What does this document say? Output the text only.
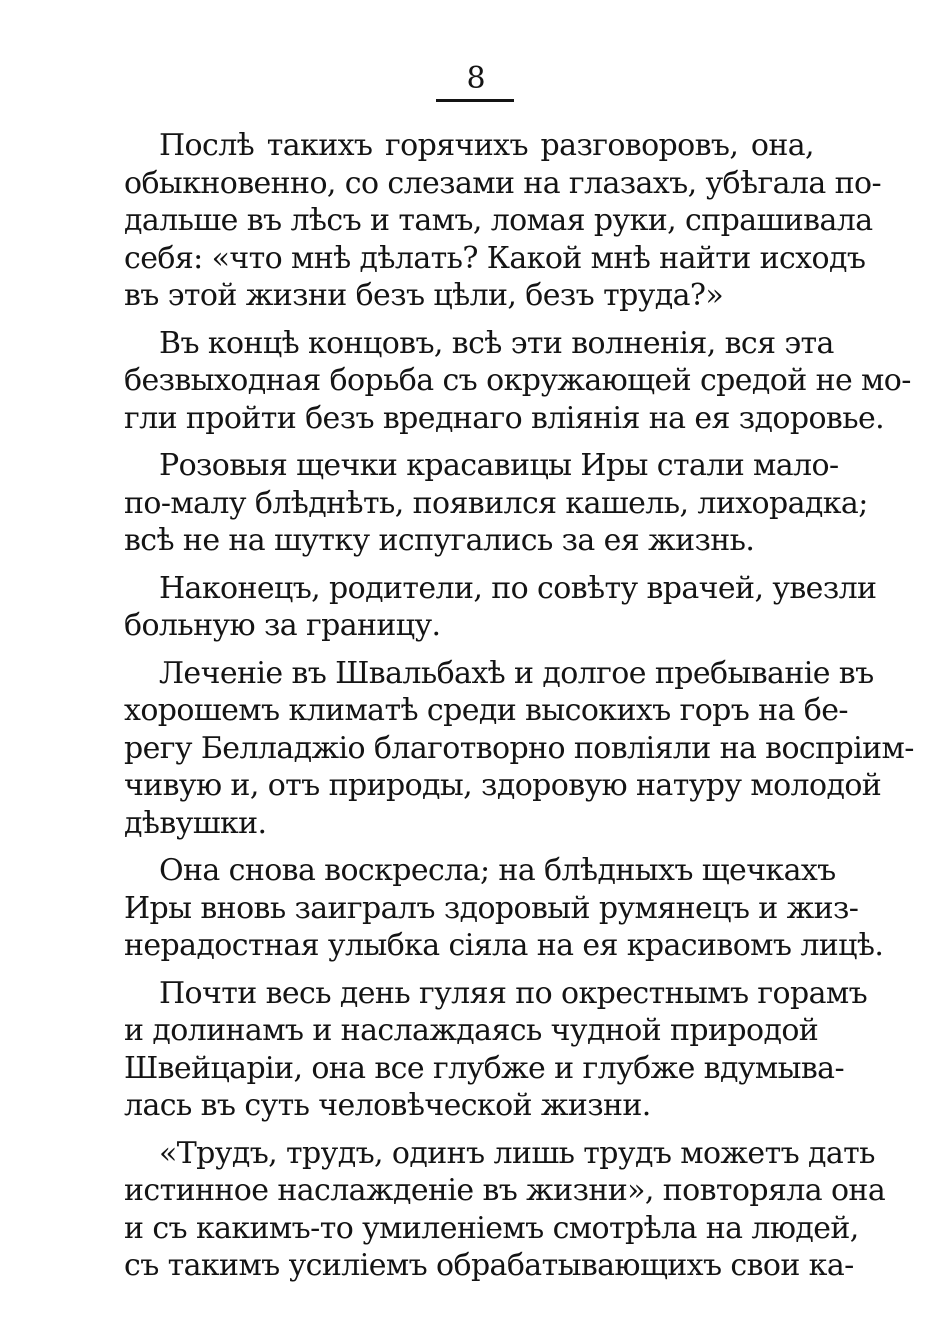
8

Послѣ такихъ горячихъ разговоровъ, она,
обыкновенно, со слезами на глазахъ, убѣгала по-
дальше въ лѣсъ и тамъ, ломая руки, спрашивала
себя: «что мнѣ дѣлать? Какой мнѣ найти исходъ
въ этой жизни безъ цѣли, безъ труда?»

Въ концѣ концовъ, всѣ эти волненія, вся эта
безвыходная борьба съ окружающей средой не мо-
гли пройти безъ вреднаго вліянія на ея здоровье.

Розовыя щечки красавицы Иры стали мало-
по-малу блѣднѣть, появился кашель, лихорадка;
всѣ не на шутку испугались за ея жизнь.

Наконецъ, родители, по совѣту врачей, увезли
больную за границу.

Леченіе въ Швальбахѣ и долгое пребываніе въ
хорошемъ климатѣ среди высокихъ горъ на бе-
регу Белладжіо благотворно повліяли на воспріим-
чивую и, отъ природы, здоровую натуру молодой
дѣвушки.

Она снова воскресла; на блѣдныхъ щечкахъ
Иры вновь заигралъ здоровый румянецъ и жиз-
нерадостная улыбка сіяла на ея красивомъ лицѣ.

Почти весь день гуляя по окрестнымъ горамъ
и долинамъ и наслаждаясь чудной природой
Швейцаріи, она все глубже и глубже вдумыва-
лась въ суть человѣческой жизни.

«Трудъ, трудъ, одинъ лишь трудъ можетъ дать
истинное наслажденіе въ жизни», повторяла она
и съ какимъ-то умиленіемъ смотрѣла на людей,
съ такимъ усиліемъ обрабатывающихъ свои ка-
